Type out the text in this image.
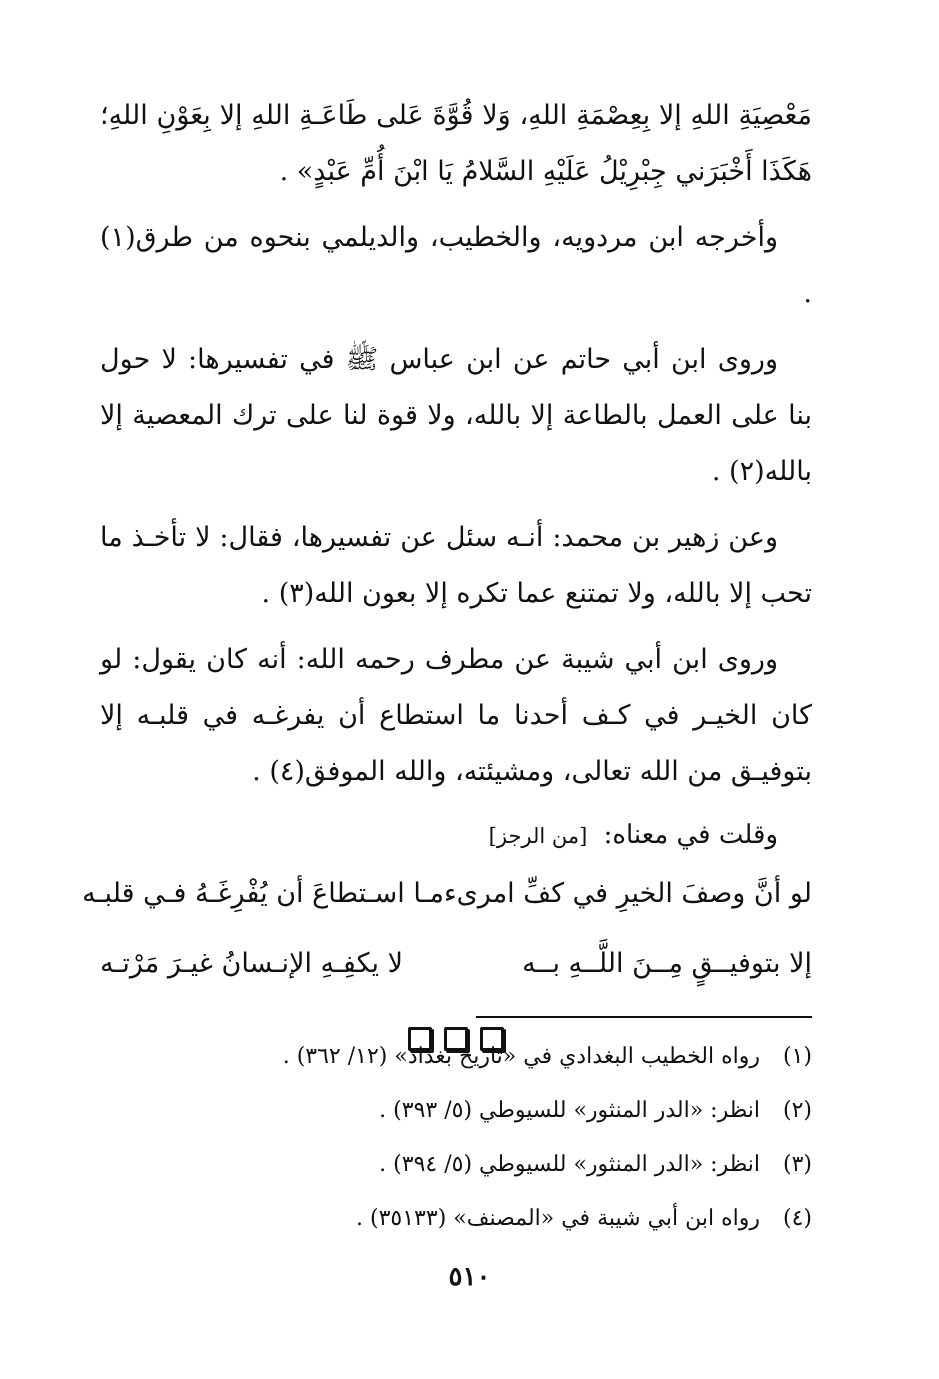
مَعْصِيَةِ اللهِ إلا بِعِصْمَةِ اللهِ، وَلا قُوَّةَ عَلى طَاعَـةِ اللهِ إلا بِعَوْنِ اللهِ؛ هَكَذَا أَخْبَرَني جِبْرِيْلُ عَلَيْهِ السَّلامُ يَا ابْنَ أُمِّ عَبْدٍ» .

وأخرجه ابن مردويه، والخطيب، والديلمي بنحوه من طرق(١) .

وروى ابن أبي حاتم عن ابن عباس ﷺ في تفسيرها: لا حول بنا على العمل بالطاعة إلا بالله، ولا قوة لنا على ترك المعصية إلا بالله(٢) .

وعن زهير بن محمد: أنـه سئل عن تفسيرها، فقال: لا تأخـذ ما تحب إلا بالله، ولا تمتنع عما تكره إلا بعون الله(٣) .

وروى ابن أبي شيبة عن مطرف رحمه الله: أنه كان يقول: لو كان الخيـر في كـف أحدنا ما استطاع أن يفرغـه في قلبـه إلا بتوفيـق من الله تعالى، ومشيئته، والله الموفق(٤) .

وقلت في معناه: [من الرجز]
لو أنَّ وصفَ الخيرِ في كفِّ امرىء
مـا اسـتطاعَ أن يُفْرِغَـهُ فـي قلبـه
إلا بتوفيــقٍ مِــنَ اللَّــهِ بــه
لا يكفِـهِ الإنـسانُ غيـرَ مَرْتـه
(١)
رواه الخطيب البغدادي في «تاريخ بغداد» (١٢/ ٣٦٢) .
(٢)
انظر: «الدر المنثور» للسيوطي (٥/ ٣٩٣) .
(٣)
انظر: «الدر المنثور» للسيوطي (٥/ ٣٩٤) .
(٤)
رواه ابن أبي شيبة في «المصنف» (٣٥١٣٣) .
٥١٠
